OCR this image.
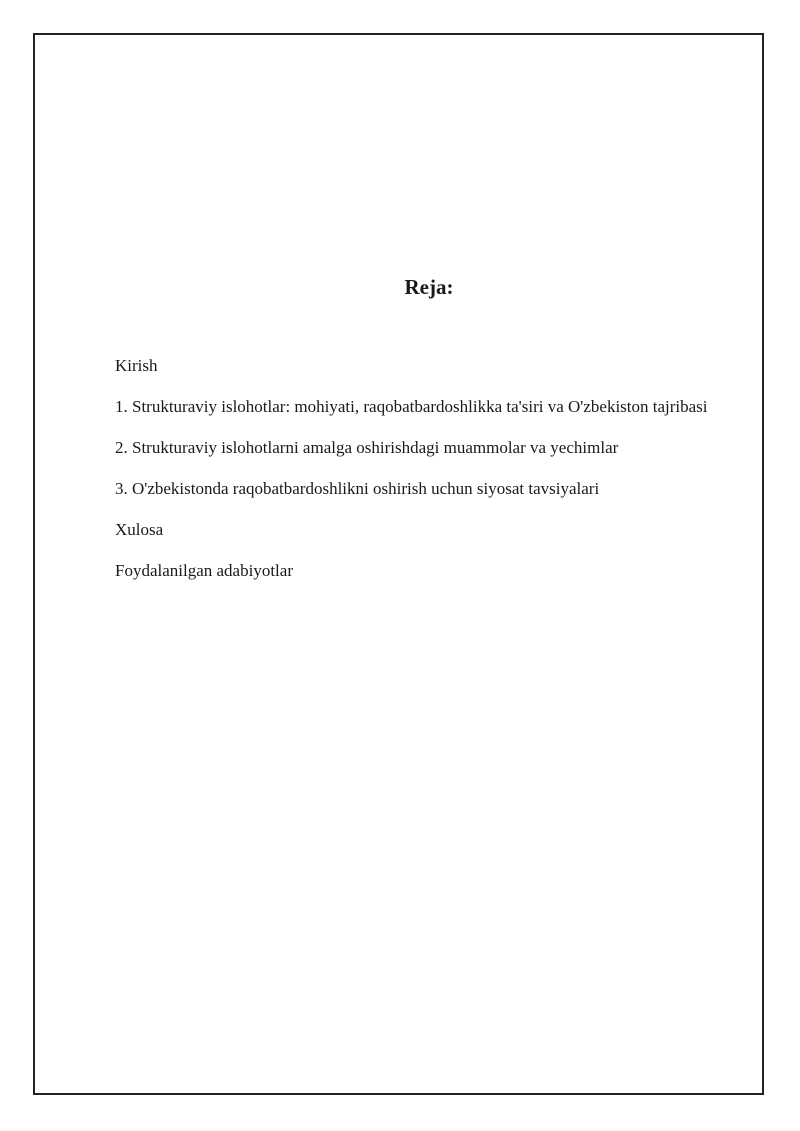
Reja:
Kirish
1. Strukturaviy islohotlar: mohiyati, raqobatbardoshlikka ta'siri va O'zbekiston tajribasi
2. Strukturaviy islohotlarni amalga oshirishdagi muammolar va yechimlar
3. O'zbekistonda raqobatbardoshlikni oshirish uchun siyosat tavsiyalari
Xulosa
Foydalanilgan adabiyotlar
